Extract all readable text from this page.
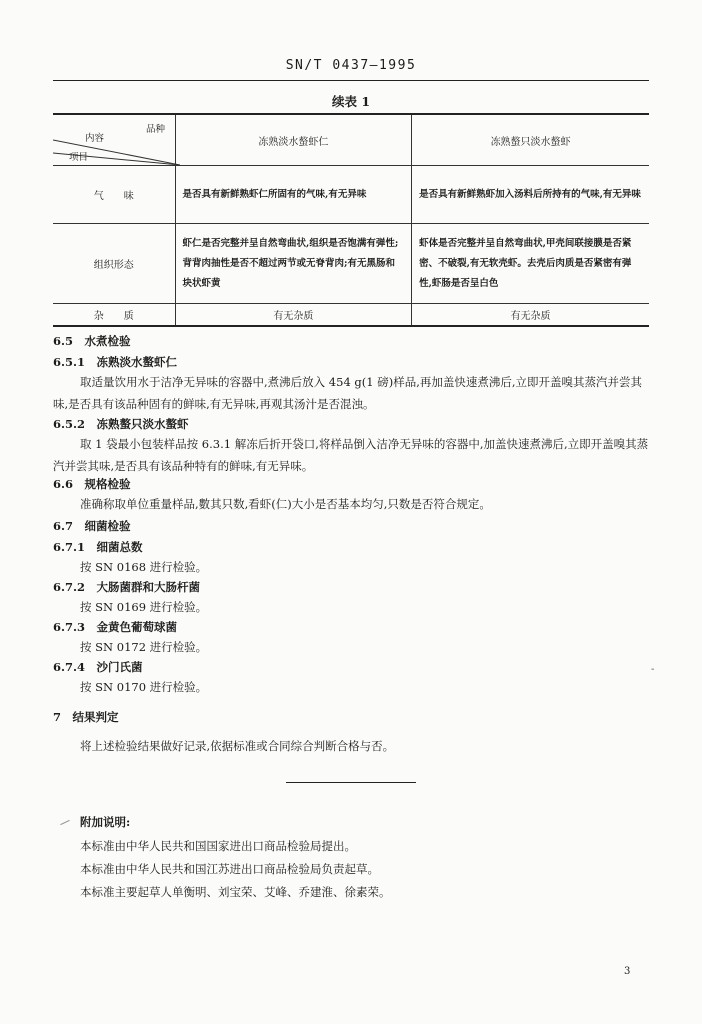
SN/T 0437—1995
续表 1
品种
内容
项目	冻熟淡水螯虾仁	冻熟螯只淡水螯虾
气　　味	是否具有新鲜熟虾仁所固有的气味,有无异味	是否具有新鲜熟虾加入汤料后所持有的气味,有无异味
组织形态	虾仁是否完整并呈自然弯曲状,组织是否饱满有弹性;背背肉抽性是否不超过两节或无脊背肉;有无黑肠和块状虾黄	虾体是否完整并呈自然弯曲状,甲壳间联接膜是否紧密、不破裂,有无软壳虾。去壳后肉质是否紧密有弹性,虾肠是否呈白色
杂　　质	有无杂质	有无杂质
6.5　水煮检验
6.5.1　冻熟淡水螯虾仁
取适量饮用水于洁净无异味的容器中,煮沸后放入 454 g(1 磅)样品,再加盖快速煮沸后,立即开盖嗅其蒸汽并尝其味,是否具有该品种固有的鲜味,有无异味,再观其汤汁是否混浊。
6.5.2　冻熟螯只淡水螯虾
取 1 袋最小包装样品按 6.3.1 解冻后折开袋口,将样品倒入洁净无异味的容器中,加盖快速煮沸后,立即开盖嗅其蒸汽并尝其味,是否具有该品种特有的鲜味,有无异味。
6.6　规格检验
准确称取单位重量样品,數其只数,看虾(仁)大小是否基本均匀,只数是否符合规定。
6.7　细菌检验
6.7.1　细菌总数
按 SN 0168 进行检验。
6.7.2　大肠菌群和大肠杆菌
按 SN 0169 进行检验。
6.7.3　金黄色葡萄球菌
按 SN 0172 进行检验。
6.7.4　沙门氏菌
按 SN 0170 进行检验。
7　结果判定
将上述检验结果做好记录,依据标准或合同综合判断合格与否。
附加说明:
本标准由中华人民共和国国家进出口商品检验局提出。
本标准由中华人民共和国江苏进出口商品检验局负责起草。
本标准主要起草人单衡明、刘宝荣、艾峰、乔建淮、徐素荣。
-
3
